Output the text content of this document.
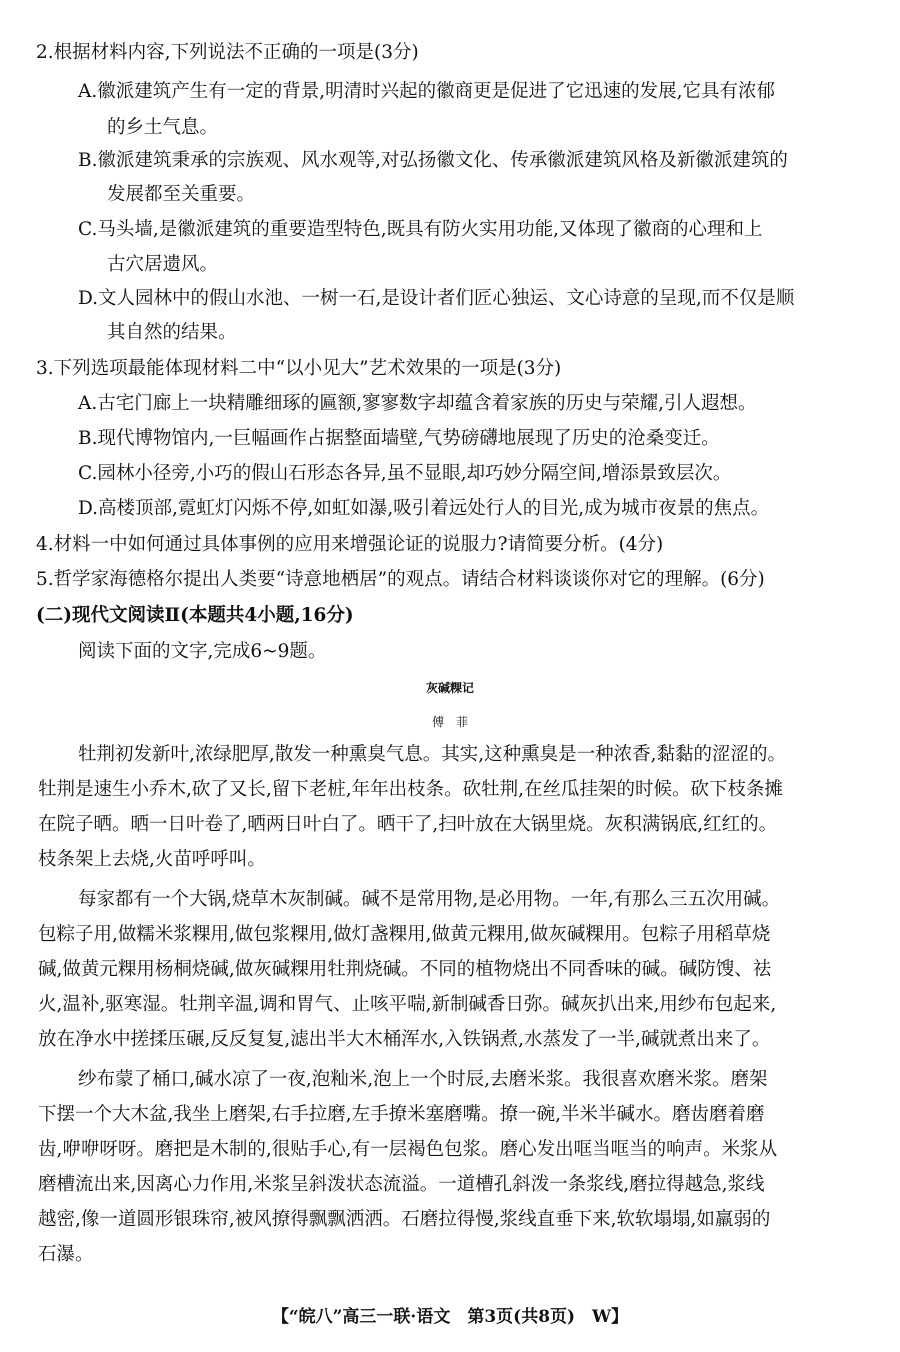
2.根据材料内容,下列说法不正确的一项是(3分)
A.徽派建筑产生有一定的背景,明清时兴起的徽商更是促进了它迅速的发展,它具有浓郁
的乡土气息。
B.徽派建筑秉承的宗族观、风水观等,对弘扬徽文化、传承徽派建筑风格及新徽派建筑的
发展都至关重要。
C.马头墙,是徽派建筑的重要造型特色,既具有防火实用功能,又体现了徽商的心理和上
古穴居遗风。
D.文人园林中的假山水池、一树一石,是设计者们匠心独运、文心诗意的呈现,而不仅是顺
其自然的结果。
3.下列选项最能体现材料二中“以小见大”艺术效果的一项是(3分)
A.古宅门廊上一块精雕细琢的匾额,寥寥数字却蕴含着家族的历史与荣耀,引人遐想。
B.现代博物馆内,一巨幅画作占据整面墙壁,气势磅礴地展现了历史的沧桑变迁。
C.园林小径旁,小巧的假山石形态各异,虽不显眼,却巧妙分隔空间,增添景致层次。
D.高楼顶部,霓虹灯闪烁不停,如虹如瀑,吸引着远处行人的目光,成为城市夜景的焦点。
4.材料一中如何通过具体事例的应用来增强论证的说服力?请简要分析。(4分)
5.哲学家海德格尔提出人类要“诗意地栖居”的观点。请结合材料谈谈你对它的理解。(6分)
(二)现代文阅读Ⅱ(本题共4小题,16分)
阅读下面的文字,完成6~9题。
灰碱粿记
傅　菲
牡荆初发新叶,浓绿肥厚,散发一种熏臭气息。其实,这种熏臭是一种浓香,黏黏的涩涩的。
牡荆是速生小乔木,砍了又长,留下老桩,年年出枝条。砍牡荆,在丝瓜挂架的时候。砍下枝条摊
在院子晒。晒一日叶卷了,晒两日叶白了。晒干了,扫叶放在大锅里烧。灰积满锅底,红红的。
枝条架上去烧,火苗呼呼叫。
每家都有一个大锅,烧草木灰制碱。碱不是常用物,是必用物。一年,有那么三五次用碱。
包粽子用,做糯米浆粿用,做包浆粿用,做灯盏粿用,做黄元粿用,做灰碱粿用。包粽子用稻草烧
碱,做黄元粿用杨桐烧碱,做灰碱粿用牡荆烧碱。不同的植物烧出不同香味的碱。碱防馊、祛
火,温补,驱寒湿。牡荆辛温,调和胃气、止咳平喘,新制碱香日弥。碱灰扒出来,用纱布包起来,
放在净水中搓揉压碾,反反复复,滤出半大木桶浑水,入铁锅煮,水蒸发了一半,碱就煮出来了。
纱布蒙了桶口,碱水凉了一夜,泡籼米,泡上一个时辰,去磨米浆。我很喜欢磨米浆。磨架
下摆一个大木盆,我坐上磨架,右手拉磨,左手撩米塞磨嘴。撩一碗,半米半碱水。磨齿磨着磨
齿,咿咿呀呀。磨把是木制的,很贴手心,有一层褐色包浆。磨心发出哐当哐当的响声。米浆从
磨槽流出来,因离心力作用,米浆呈斜泼状态流溢。一道槽孔斜泼一条浆线,磨拉得越急,浆线
越密,像一道圆形银珠帘,被风撩得飘飘洒洒。石磨拉得慢,浆线直垂下来,软软塌塌,如羸弱的
石瀑。
【“皖八”高三一联·语文　第3页(共8页)　W】
